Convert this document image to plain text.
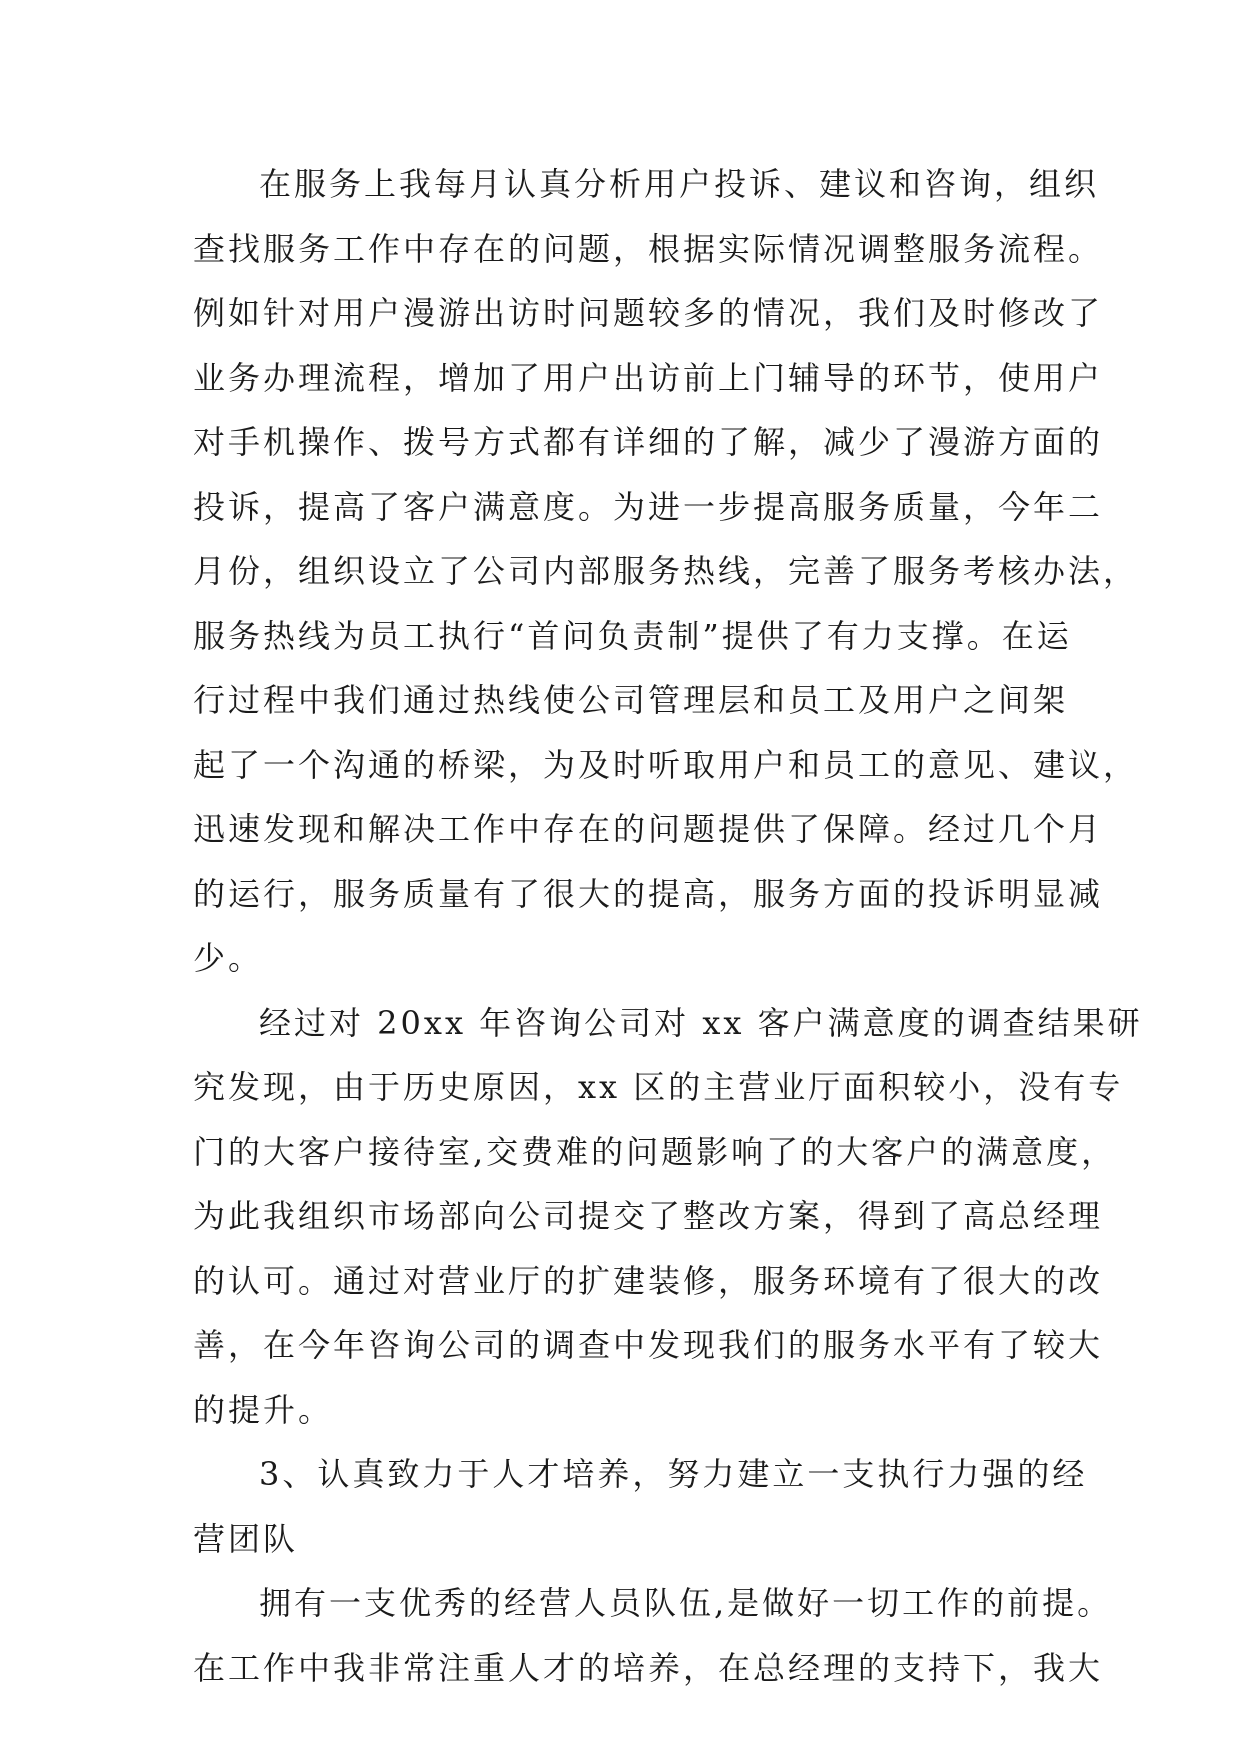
在服务上我每月认真分析用户投诉、建议和咨询，组织
查找服务工作中存在的问题，根据实际情况调整服务流程。
例如针对用户漫游出访时问题较多的情况，我们及时修改了
业务办理流程，增加了用户出访前上门辅导的环节，使用户
对手机操作、拨号方式都有详细的了解，减少了漫游方面的
投诉，提高了客户满意度。为进一步提高服务质量，今年二
月份，组织设立了公司内部服务热线，完善了服务考核办法，
服务热线为员工执行“首问负责制”提供了有力支撑。在运
行过程中我们通过热线使公司管理层和员工及用户之间架
起了一个沟通的桥梁，为及时听取用户和员工的意见、建议，
迅速发现和解决工作中存在的问题提供了保障。经过几个月
的运行，服务质量有了很大的提高，服务方面的投诉明显减
少。
经过对 20xx 年咨询公司对 xx 客户满意度的调查结果研
究发现，由于历史原因，xx 区的主营业厅面积较小，没有专
门的大客户接待室,交费难的问题影响了的大客户的满意度，
为此我组织市场部向公司提交了整改方案，得到了高总经理
的认可。通过对营业厅的扩建装修，服务环境有了很大的改
善，在今年咨询公司的调查中发现我们的服务水平有了较大
的提升。
3、认真致力于人才培养，努力建立一支执行力强的经
营团队
拥有一支优秀的经营人员队伍,是做好一切工作的前提。
在工作中我非常注重人才的培养，在总经理的支持下，我大
